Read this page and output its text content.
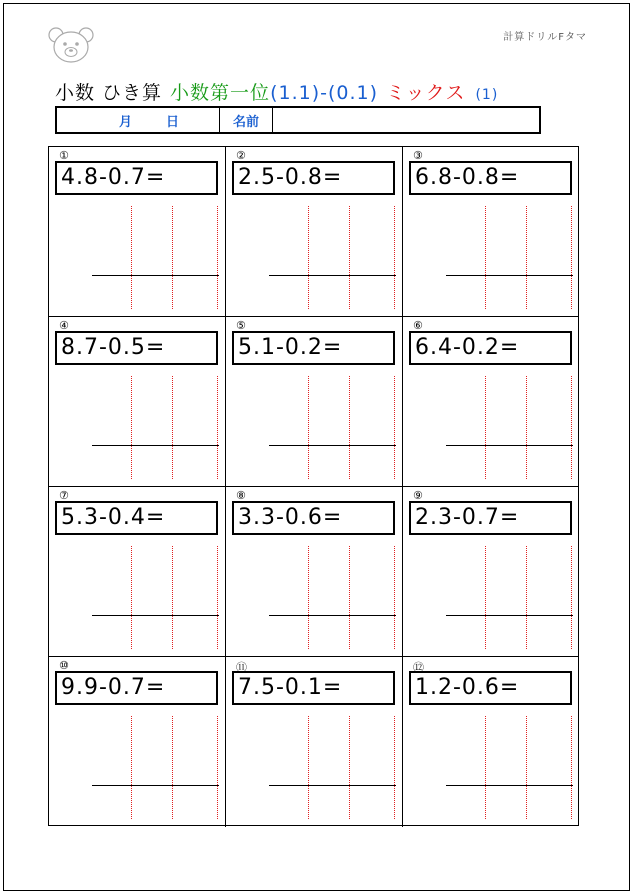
計算ドリルFタマ
小数 ひき算 小数第一位(1.1)-(0.1) ミックス (1)
月	日	名前
①
4.8-0.7=
②
2.5-0.8=
③
6.8-0.8=
④
8.7-0.5=
⑤
5.1-0.2=
⑥
6.4-0.2=
⑦
5.3-0.4=
⑧
3.3-0.6=
⑨
2.3-0.7=
⑩
9.9-0.7=
⑪
7.5-0.1=
⑫
1.2-0.6=
